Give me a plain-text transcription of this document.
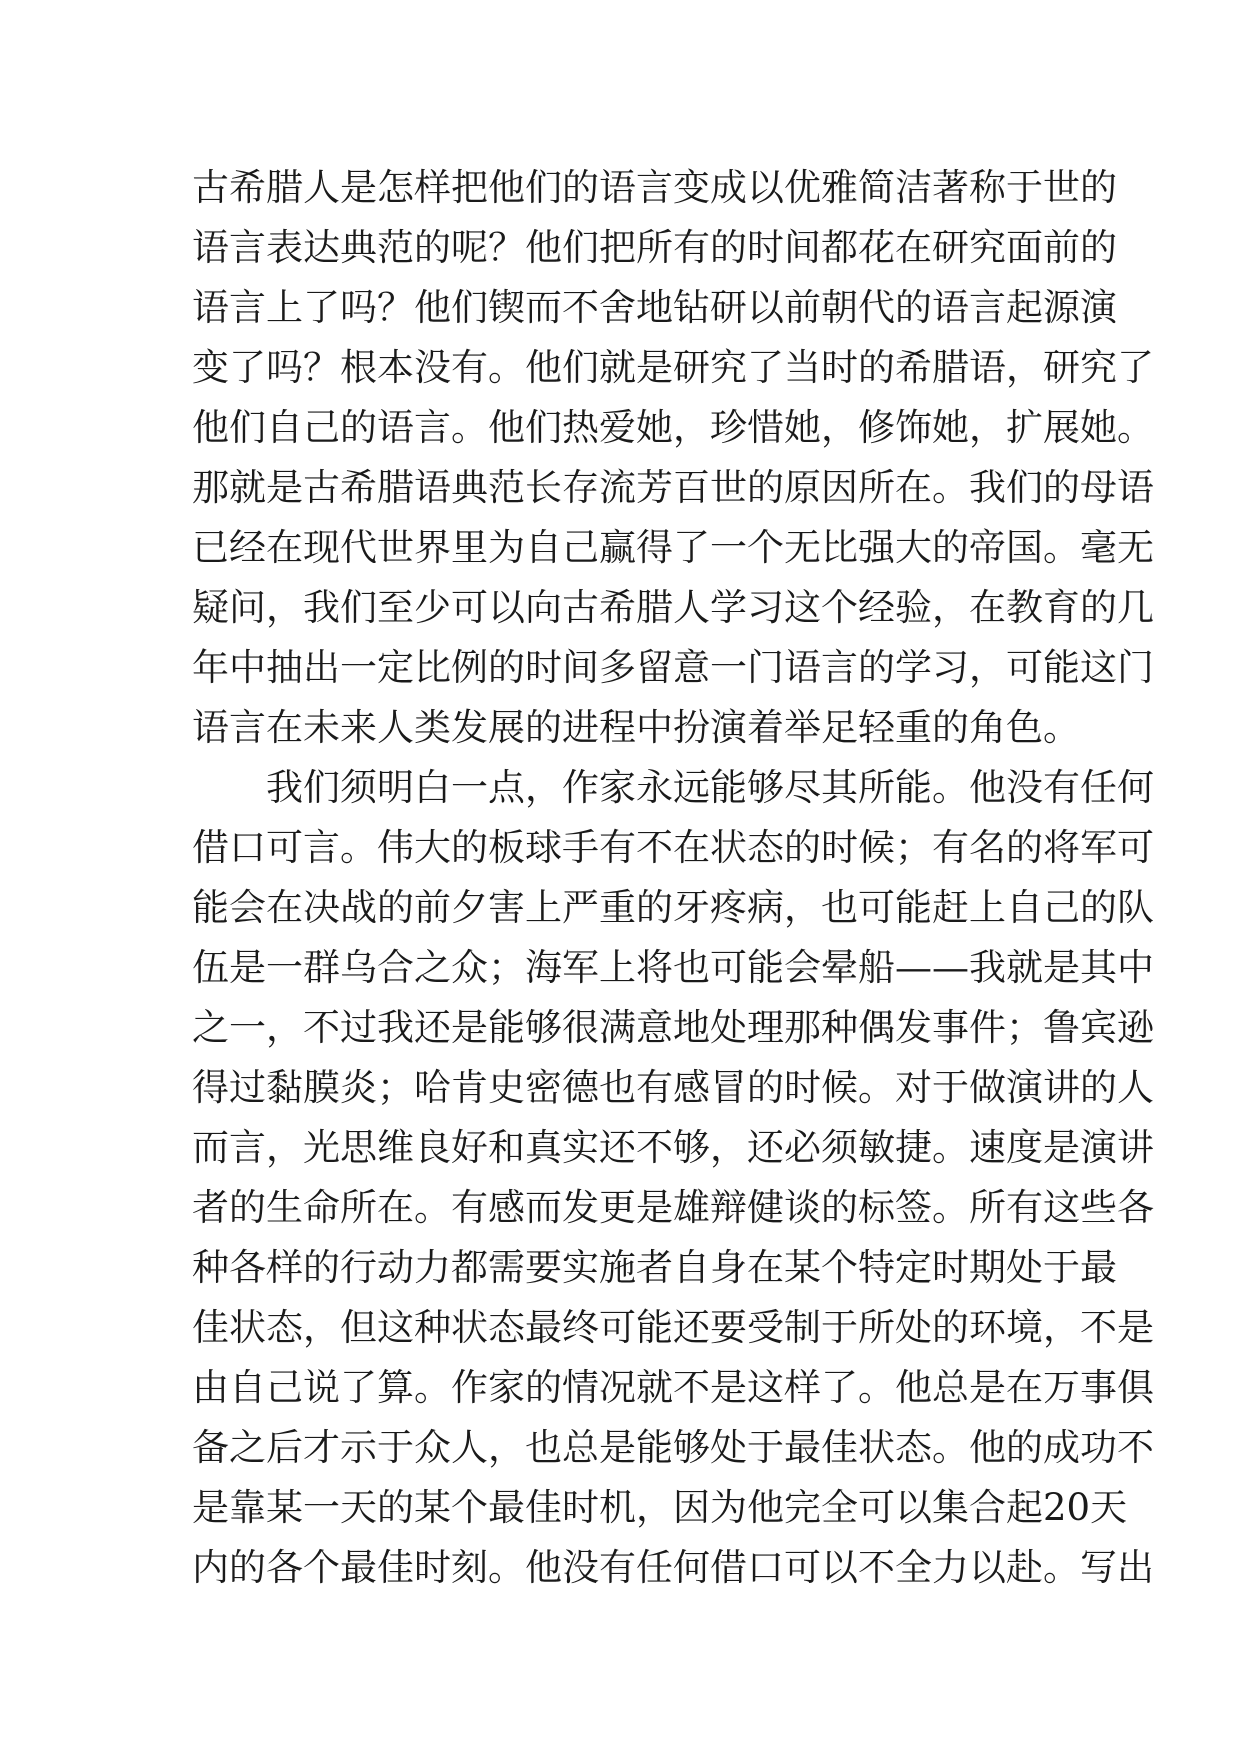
古希腊人是怎样把他们的语言变成以优雅简洁著称于世的
语言表达典范的呢？他们把所有的时间都花在研究面前的
语言上了吗？他们锲而不舍地钻研以前朝代的语言起源演
变了吗？根本没有。他们就是研究了当时的希腊语，研究了
他们自己的语言。他们热爱她，珍惜她，修饰她，扩展她。
那就是古希腊语典范长存流芳百世的原因所在。我们的母语
已经在现代世界里为自己赢得了一个无比强大的帝国。毫无
疑问，我们至少可以向古希腊人学习这个经验，在教育的几
年中抽出一定比例的时间多留意一门语言的学习，可能这门
语言在未来人类发展的进程中扮演着举足轻重的角色。
我们须明白一点，作家永远能够尽其所能。他没有任何
借口可言。伟大的板球手有不在状态的时候；有名的将军可
能会在决战的前夕害上严重的牙疼病，也可能赶上自己的队
伍是一群乌合之众；海军上将也可能会晕船——我就是其中
之一，不过我还是能够很满意地处理那种偶发事件；鲁宾逊
得过黏膜炎；哈肯史密德也有感冒的时候。对于做演讲的人
而言，光思维良好和真实还不够，还必须敏捷。速度是演讲
者的生命所在。有感而发更是雄辩健谈的标签。所有这些各
种各样的行动力都需要实施者自身在某个特定时期处于最
佳状态，但这种状态最终可能还要受制于所处的环境，不是
由自己说了算。作家的情况就不是这样了。他总是在万事俱
备之后才示于众人，也总是能够处于最佳状态。他的成功不
是靠某一天的某个最佳时机，因为他完全可以集合起20天
内的各个最佳时刻。他没有任何借口可以不全力以赴。写出
